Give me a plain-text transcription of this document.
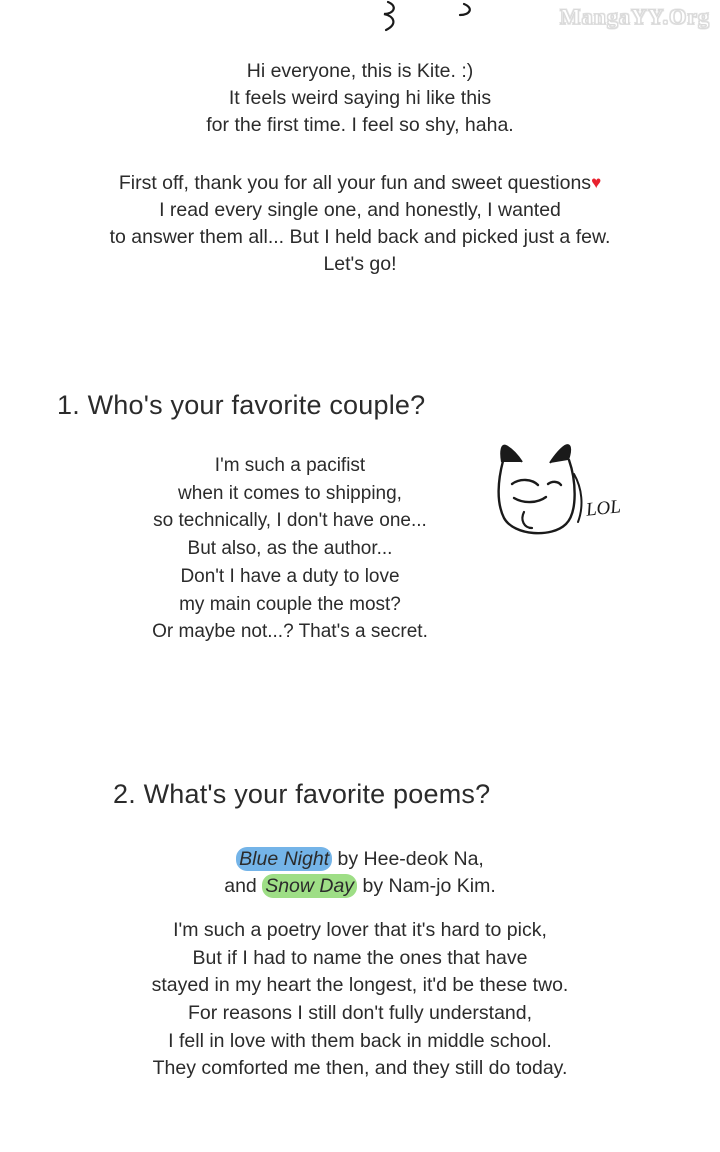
MangaYY.Org
Hi everyone, this is Kite. :)
It feels weird saying hi like this
for the first time. I feel so shy, haha.
First off, thank you for all your fun and sweet questions♥
I read every single one, and honestly, I wanted
to answer them all... But I held back and picked just a few.
Let's go!
1. Who's your favorite couple?
I'm such a pacifist
when it comes to shipping,
so technically, I don't have one...
But also, as the author...
Don't I have a duty to love
my main couple the most?
Or maybe not...? That's a secret.
LOL
2. What's your favorite poems?
Blue Night by Hee-deok Na,
and Snow Day by Nam-jo Kim.
I'm such a poetry lover that it's hard to pick,
But if I had to name the ones that have
stayed in my heart the longest, it'd be these two.
For reasons I still don't fully understand,
I fell in love with them back in middle school.
They comforted me then, and they still do today.
